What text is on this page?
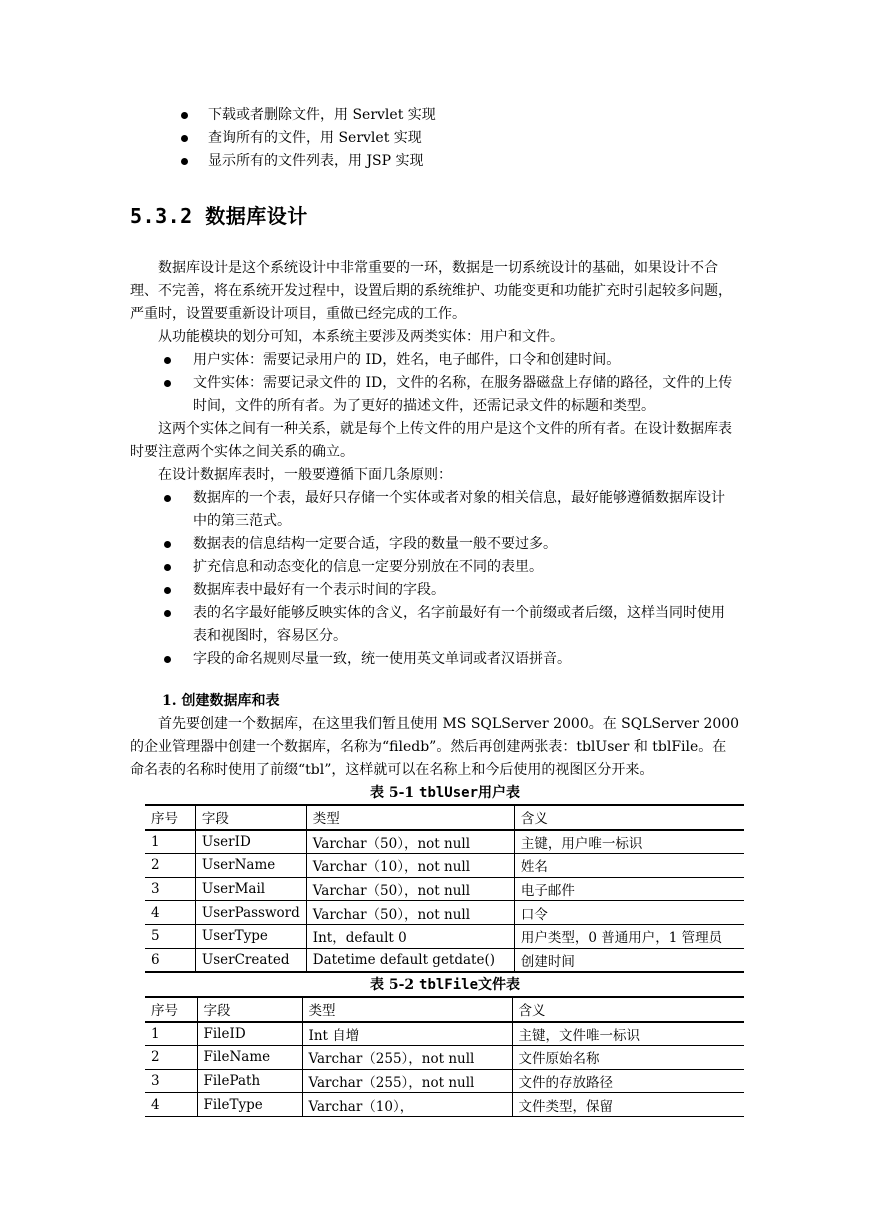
下载或者删除文件，用 Servlet 实现
查询所有的文件，用 Servlet 实现
显示所有的文件列表，用 JSP 实现
5.3.2 数据库设计
数据库设计是这个系统设计中非常重要的一环，数据是一切系统设计的基础，如果设计不合理、不完善，将在系统开发过程中，设置后期的系统维护、功能变更和功能扩充时引起较多问题，严重时，设置要重新设计项目，重做已经完成的工作。
从功能模块的划分可知，本系统主要涉及两类实体：用户和文件。
用户实体：需要记录用户的 ID，姓名，电子邮件，口令和创建时间。
文件实体：需要记录文件的 ID，文件的名称，在服务器磁盘上存储的路径，文件的上传时间，文件的所有者。为了更好的描述文件，还需记录文件的标题和类型。
这两个实体之间有一种关系，就是每个上传文件的用户是这个文件的所有者。在设计数据库表时要注意两个实体之间关系的确立。
在设计数据库表时，一般要遵循下面几条原则：
数据库的一个表，最好只存储一个实体或者对象的相关信息，最好能够遵循数据库设计中的第三范式。
数据表的信息结构一定要合适，字段的数量一般不要过多。
扩充信息和动态变化的信息一定要分别放在不同的表里。
数据库表中最好有一个表示时间的字段。
表的名字最好能够反映实体的含义，名字前最好有一个前缀或者后缀，这样当同时使用表和视图时，容易区分。
字段的命名规则尽量一致，统一使用英文单词或者汉语拼音。
1. 创建数据库和表
首先要创建一个数据库，在这里我们暂且使用 MS SQLServer 2000。在 SQLServer 2000 的企业管理器中创建一个数据库，名称为“filedb”。然后再创建两张表：tblUser 和 tblFile。在命名表的名称时使用了前缀“tbl”，这样就可以在名称上和今后使用的视图区分开来。
表 5-1 tblUser用户表
序号	字段	类型	含义
1	UserID	Varchar（50），not null	主键，用户唯一标识
2	UserName	Varchar（10），not null	姓名
3	UserMail	Varchar（50），not null	电子邮件
4	UserPassword	Varchar（50），not null	口令
5	UserType	Int，default 0	用户类型，0 普通用户，1 管理员
6	UserCreated	Datetime default getdate()	创建时间
表 5-2 tblFile文件表
序号	字段	类型	含义
1	FileID	Int 自增	主键，文件唯一标识
2	FileName	Varchar（255），not null	文件原始名称
3	FilePath	Varchar（255），not null	文件的存放路径
4	FileType	Varchar（10），	文件类型，保留
